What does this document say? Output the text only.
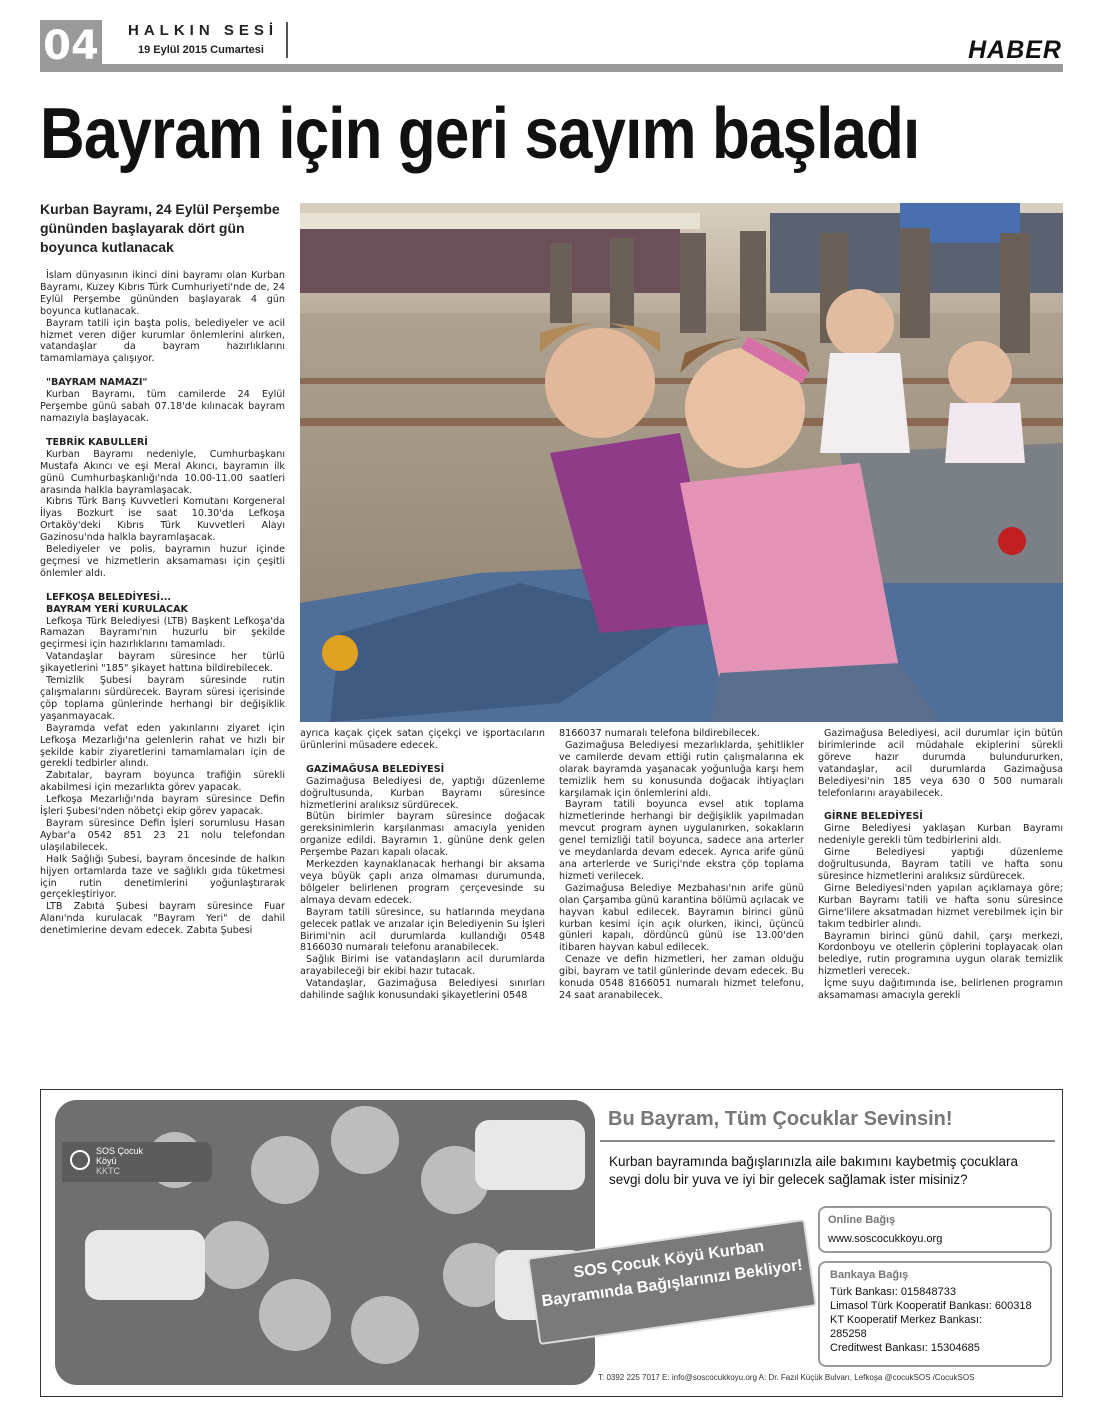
04 HALKIN SESİ
19 Eylül 2015 Cumartesi	HABER
Bayram için geri sayım başladı
Kurban Bayramı, 24 Eylül Perşembe gününden başlayarak dört gün boyunca kutlanacak

İslam dünyasının ikinci dini bayramı olan Kurban Bayramı, Kuzey Kıbrıs Türk Cumhuriyeti'nde de, 24 Eylül Perşembe gününden başlayarak 4 gün boyunca kutlanacak.

Bayram tatili için başta polis, belediyeler ve acil hizmet veren diğer kurumlar önlemlerini alırken, vatandaşlar da bayram hazırlıklarını tamamlamaya çalışıyor.

"BAYRAM NAMAZI"

Kurban Bayramı, tüm camilerde 24 Eylül Perşembe günü sabah 07.18'de kılınacak bayram namazıyla başlayacak.

TEBRİK KABULLERİ

Kurban Bayramı nedeniyle, Cumhurbaşkanı Mustafa Akıncı ve eşi Meral Akıncı, bayramın ilk günü Cumhurbaşkanlığı'nda 10.00-11.00 saatleri arasında halkla bayramlaşacak.

Kıbrıs Türk Barış Kuvvetleri Komutanı Korgeneral İlyas Bozkurt ise saat 10.30'da Lefkoşa Ortaköy'deki Kıbrıs Türk Kuvvetleri Alayı Gazinosu'nda halkla bayramlaşacak.

Belediyeler ve polis, bayramın huzur içinde geçmesi ve hizmetlerin aksamaması için çeşitli önlemler aldı.

LEFKOŞA BELEDİYESİ...

BAYRAM YERİ KURULACAK

Lefkoşa Türk Belediyesi (LTB) Başkent Lefkoşa'da Ramazan Bayramı'nın huzurlu bir şekilde geçirmesi için hazırlıklarını tamamladı.

Vatandaşlar bayram süresince her türlü şikayetlerini "185" şikayet hattına bildirebilecek.

Temizlik Şubesi bayram süresinde rutin çalışmalarını sürdürecek. Bayram süresi içerisinde çöp toplama günlerinde herhangi bir değişiklik yaşanmayacak.

Bayramda vefat eden yakınlarını ziyaret için Lefkoşa Mezarlığı'na gelenlerin rahat ve hızlı bir şekilde kabir ziyaretlerini tamamlamaları için de gerekli tedbirler alındı.

Zabıtalar, bayram boyunca trafiğin sürekli akabilmesi için mezarlıkta görev yapacak.

Lefkoşa Mezarlığı'nda bayram süresince Defin İşleri Şubesi'nden nöbetçi ekip görev yapacak.

Bayram süresince Defin İşleri sorumlusu Hasan Aybar'a 0542 851 23 21 nolu telefondan ulaşılabilecek.

Halk Sağlığı Şubesi, bayram öncesinde de halkın hijyen ortamlarda taze ve sağlıklı gıda tüketmesi için rutin denetimlerini yoğunlaştırarak gerçekleştiriyor.

LTB Zabıta Şubesi bayram süresince Fuar Alanı'nda kurulacak "Bayram Yeri" de dahil denetimlerine devam edecek. Zabıta Şubesi

ayrıca kaçak çiçek satan çiçekçi ve işportacıların ürünlerini müsadere edecek.

GAZİMAĞUSA BELEDİYESİ

Gazimağusa Belediyesi de, yaptığı düzenleme doğrultusunda, Kurban Bayramı süresince hizmetlerini aralıksız sürdürecek.

Bütün birimler bayram süresince doğacak gereksinimlerin karşılanması amacıyla yeniden organize edildi. Bayramın 1. gününe denk gelen Perşembe Pazarı kapalı olacak.

Merkezden kaynaklanacak herhangi bir aksama veya büyük çaplı arıza olmaması durumunda, bölgeler belirlenen program çerçevesinde su almaya devam edecek.

Bayram tatili süresince, su hatlarında meydana gelecek patlak ve arızalar için Belediyenin Su İşleri Birimi'nin acil durumlarda kullandığı 0548 8166030 numaralı telefonu aranabilecek.

Sağlık Birimi ise vatandaşların acil durumlarda arayabileceği bir ekibi hazır tutacak.

Vatandaşlar, Gazimağusa Belediyesi sınırları dahilinde sağlık konusundaki şikayetlerini 0548

8166037 numaralı telefona bildirebilecek.

Gazimağusa Belediyesi mezarlıklarda, şehitlikler ve camilerde devam ettiği rutin çalışmalarına ek olarak bayramda yaşanacak yoğunluğa karşı hem temizlik hem su konusunda doğacak ihtiyaçları karşılamak için önlemlerini aldı.

Bayram tatili boyunca evsel atık toplama hizmetlerinde herhangi bir değişiklik yapılmadan mevcut program aynen uygulanırken, sokakların genel temizliği tatil boyunca, sadece ana arterler ve meydanlarda devam edecek. Ayrıca arife günü ana arterlerde ve Suriçi'nde ekstra çöp toplama hizmeti verilecek.

Gazimağusa Belediye Mezbahası'nın arife günü olan Çarşamba günü karantina bölümü açılacak ve hayvan kabul edilecek. Bayramın birinci günü kurban kesimi için açık olurken, ikinci, üçüncü günleri kapalı, dördüncü günü ise 13.00'den itibaren hayvan kabul edilecek.

Cenaze ve defin hizmetleri, her zaman olduğu gibi, bayram ve tatil günlerinde devam edecek. Bu konuda 0548 8166051 numaralı hizmet telefonu, 24 saat aranabilecek.

Gazimağusa Belediyesi, acil durumlar için bütün birimlerinde acil müdahale ekiplerini sürekli göreve hazır durumda bulundururken, vatandaşlar, acil durumlarda Gazimağusa Belediyesi'nin 185 veya 630 0 500 numaralı telefonlarını arayabilecek.

GİRNE BELEDİYESİ

Girne Belediyesi yaklaşan Kurban Bayramı nedeniyle gerekli tüm tedbirlerini aldı.

Girne Belediyesi yaptığı düzenleme doğrultusunda, Bayram tatili ve hafta sonu süresince hizmetlerini aralıksız sürdürecek.

Girne Belediyesi'nden yapılan açıklamaya göre; Kurban Bayramı tatili ve hafta sonu süresince Girne'lilere aksatmadan hizmet verebilmek için bir takım tedbirler alındı.

Bayramın birinci günü dahil, çarşı merkezi, Kordonboyu ve otellerin çöplerini toplayacak olan belediye, rutin programına uygun olarak temizlik hizmetleri verecek.

İçme suyu dağıtımında ise, belirlenen programın aksamaması amacıyla gerekli

SOS Çocuk
Köyü
KKTC
SOS Çocuk Köyü Kurban Bayramında Bağışlarınızı Bekliyor!
Bu Bayram, Tüm Çocuklar Sevinsin!
Kurban bayramında bağışlarınızla aile bakımını kaybetmiş çocuklara sevgi dolu bir yuva ve iyi bir gelecek sağlamak ister misiniz?
Online Bağış
www.soscocukkoyu.org
Bankaya Bağış
Türk Bankası: 015848733
Limasol Türk Kooperatif Bankası: 600318
KT Kooperatif Merkez Bankası:
285258
Creditwest Bankası: 15304685
T: 0392 225 7017 E: info@soscocukkoyu.org A: Dr. Fazıl Küçük Bulvarı, Lefkoşa @cocukSOS /CocukSOS
